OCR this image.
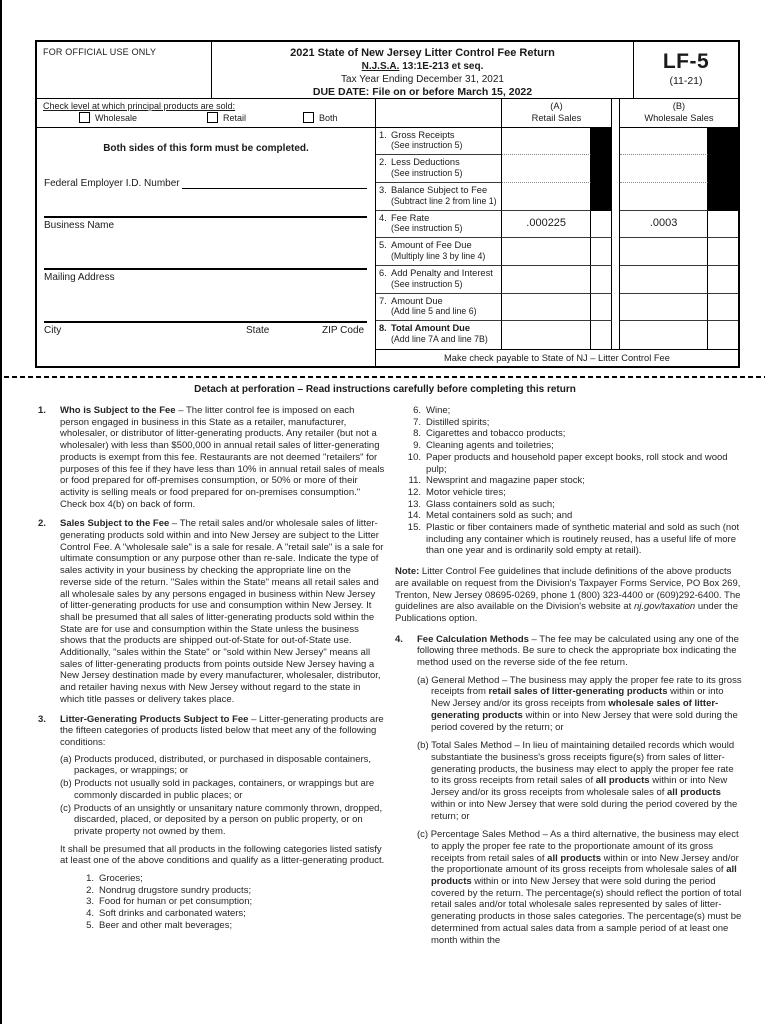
FOR OFFICIAL USE ONLY	2021 State of New Jersey Litter Control Fee Return
N.J.S.A. 13:1E-213 et seq.
Tax Year Ending December 31, 2021
DUE DATE: File on or before March 15, 2022
LF-5
(11-21)
Check level at which principal products are sold:
Wholesale	Retail	Both
Both sides of this form must be completed.
Federal Employer I.D. Number
Business Name
Mailing Address
City	State	ZIP Code
(A)
Retail Sales
(B)
Wholesale Sales
1. Gross Receipts
(See instruction 5)
2. Less Deductions
(See instruction 5)
3. Balance Subject to Fee
(Subtract line 2 from line 1)
4. Fee Rate
(See instruction 5)	.000225	.0003
5. Amount of Fee Due
(Multiply line 3 by line 4)
6. Add Penalty and Interest
(See instruction 5)
7. Amount Due
(Add line 5 and line 6)
8. Total Amount Due
(Add line 7A and line 7B)
Make check payable to State of NJ – Litter Control Fee
Detach at perforation – Read instructions carefully before completing this return
1.	Who is Subject to the Fee – The litter control fee is imposed on each person engaged in business in this State as a retailer, manufacturer, wholesaler, or distributor of litter-generating products. Any retailer (but not a wholesaler) with less than $500,000 in annual retail sales of litter-generating products is exempt from this fee. Restaurants are not deemed "retailers" for purposes of this fee if they have less than 10% in annual retail sales of meals or food prepared for off-premises consumption, or 50% or more of their activity is selling meals or food prepared for on-premises consumption." Check box 4(b) on back of form.
2.	Sales Subject to the Fee – The retail sales and/or wholesale sales of litter-generating products sold within and into New Jersey are subject to the Litter Control Fee. A "wholesale sale" is a sale for resale. A "retail sale" is a sale for ultimate consumption or any purpose other than re-sale. Indicate the type of sales activity in your business by checking the appropriate line on the reverse side of the return. "Sales within the State" means all retail sales and all wholesale sales by any persons engaged in business within New Jersey of litter-generating products for use and consumption within New Jersey. It shall be presumed that all sales of litter-generating products sold within the State are for use and consumption within the State unless the business shows that the products are shipped out-of-State for out-of-State use. Additionally, "sales within the State" or "sold within New Jersey" means all sales of litter-generating products from points outside New Jersey having a New Jersey destination made by every manufacturer, wholesaler, distributor, and retailer having nexus with New Jersey without regard to the state in which title passes or delivery takes place.
3.	Litter-Generating Products Subject to Fee – Litter-generating products are the fifteen categories of products listed below that meet any of the following conditions:
(a) Products produced, distributed, or purchased in disposable containers, packages, or wrappings; or
(b) Products not usually sold in packages, containers, or wrappings but are commonly discarded in public places; or
(c) Products of an unsightly or unsanitary nature commonly thrown, dropped, discarded, placed, or deposited by a person on public property, or on private property not owned by them.
It shall be presumed that all products in the following categories listed satisfy at least one of the above conditions and qualify as a litter-generating product.
1. Groceries;
2. Nondrug drugstore sundry products;
3. Food for human or pet consumption;
4. Soft drinks and carbonated waters;
5. Beer and other malt beverages;
6. Wine;
7. Distilled spirits;
8. Cigarettes and tobacco products;
9. Cleaning agents and toiletries;
10. Paper products and household paper except books, roll stock and wood pulp;
11. Newsprint and magazine paper stock;
12. Motor vehicle tires;
13. Glass containers sold as such;
14. Metal containers sold as such; and
15. Plastic or fiber containers made of synthetic material and sold as such (not including any container which is routinely reused, has a useful life of more than one year and is ordinarily sold empty at retail).
Note: Litter Control Fee guidelines that include definitions of the above products are available on request from the Division's Taxpayer Forms Service, PO Box 269, Trenton, New Jersey 08695-0269, phone 1 (800) 323-4400 or (609)292-6400. The guidelines are also available on the Division's website at nj.gov/taxation under the Publications option.
4.	Fee Calculation Methods – The fee may be calculated using any one of the following three methods. Be sure to check the appropriate box indicating the method used on the reverse side of the fee return.
(a) General Method – The business may apply the proper fee rate to its gross receipts from retail sales of litter-generating products within or into New Jersey and/or its gross receipts from wholesale sales of litter-generating products within or into New Jersey that were sold during the period covered by the return; or
(b) Total Sales Method – In lieu of maintaining detailed records which would substantiate the business's gross receipts figure(s) from sales of litter-generating products, the business may elect to apply the proper fee rate to its gross receipts from retail sales of all products within or into New Jersey and/or its gross receipts from wholesale sales of all products within or into New Jersey that were sold during the period covered by the return; or
(c) Percentage Sales Method – As a third alternative, the business may elect to apply the proper fee rate to the proportionate amount of its gross receipts from retail sales of all products within or into New Jersey and/or the proportionate amount of its gross receipts from wholesale sales of all products within or into New Jersey that were sold during the period covered by the return. The percentage(s) should reflect the portion of total retail sales and/or total wholesale sales represented by sales of litter-generating products in those sales categories. The percentage(s) must be determined from actual sales data from a sample period of at least one month within the
